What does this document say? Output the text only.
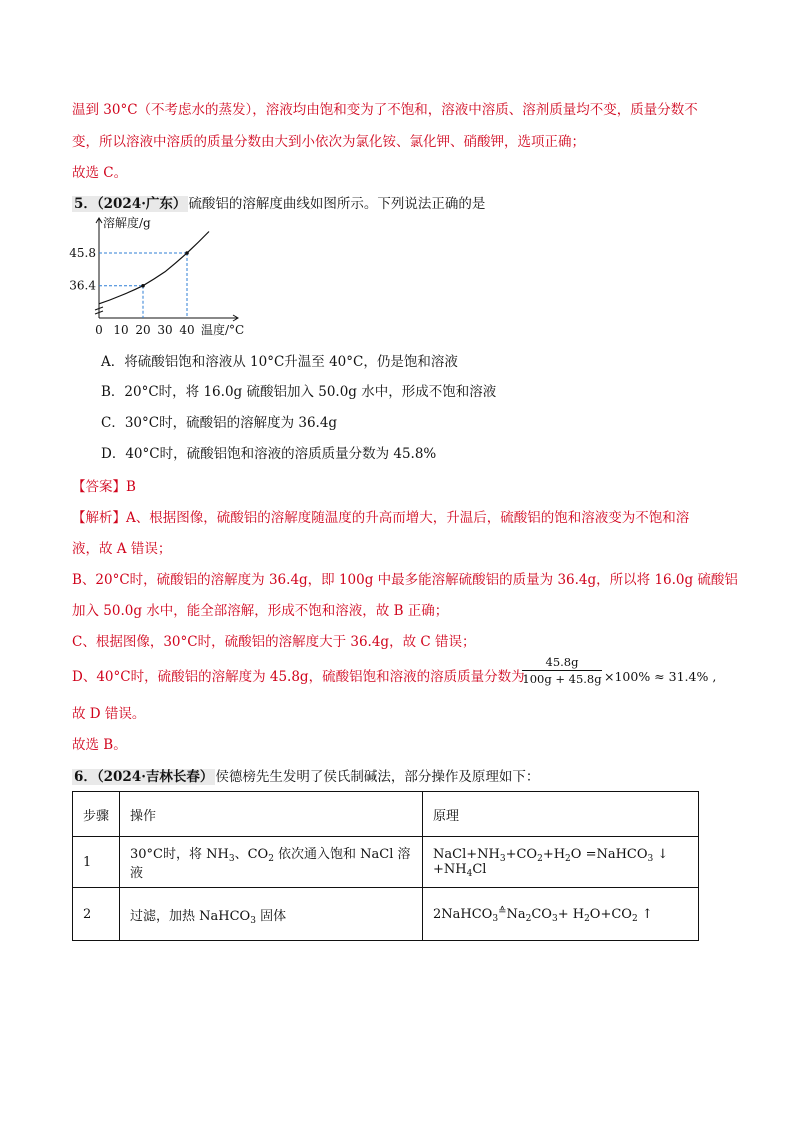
温到 30°C（不考虑水的蒸发），溶液均由饱和变为了不饱和，溶液中溶质、溶剂质量均不变，质量分数不
变，所以溶液中溶质的质量分数由大到小依次为氯化铵、氯化钾、硝酸钾，选项正确；
故选 C。
5．（2024·广东） 硫酸铝的溶解度曲线如图所示。下列说法正确的是
溶解度/g
温度/°C
0 10 20 30 40
36.4
45.8
A．将硫酸铝饱和溶液从 10°C升温至 40°C，仍是饱和溶液
B．20°C时，将 16.0g 硫酸铝加入 50.0g 水中，形成不饱和溶液
C．30°C时，硫酸铝的溶解度为 36.4g
D．40°C时，硫酸铝饱和溶液的溶质质量分数为 45.8%
【答案】B
【解析】A、根据图像，硫酸铝的溶解度随温度的升高而增大，升温后，硫酸铝的饱和溶液变为不饱和溶
液，故 A 错误；
B、20°C时，硫酸铝的溶解度为 36.4g，即 100g 中最多能溶解硫酸铝的质量为 36.4g，所以将 16.0g 硫酸铝
加入 50.0g 水中，能全部溶解，形成不饱和溶液，故 B 正确；
C、根据图像，30°C时，硫酸铝的溶解度大于 36.4g，故 C 错误；
D、40°C时，硫酸铝的溶解度为 45.8g，硫酸铝饱和溶液的溶质质量分数为
$\frac{45.8g}{100g + 45.8g} \times 100\% \approx 31.4\%$ ,
故 D 错误。
故选 B。
6．（2024·吉林长春） 侯德榜先生发明了侯氏制碱法，部分操作及原理如下：
步骤	操作	原理
1	30°C时，将 $NH_3$、$CO_2$ 依次通入饱和 NaCl 溶液	$NaCl+NH_3+CO_2+H_2O$ =NaHCO$_3$ ↓ $+NH_4Cl$
2	过滤，加热 NaHCO$_3$ 固体	$2NaHCO_3^≙Na_2CO_3+ H_2O+CO_2$ ↑
